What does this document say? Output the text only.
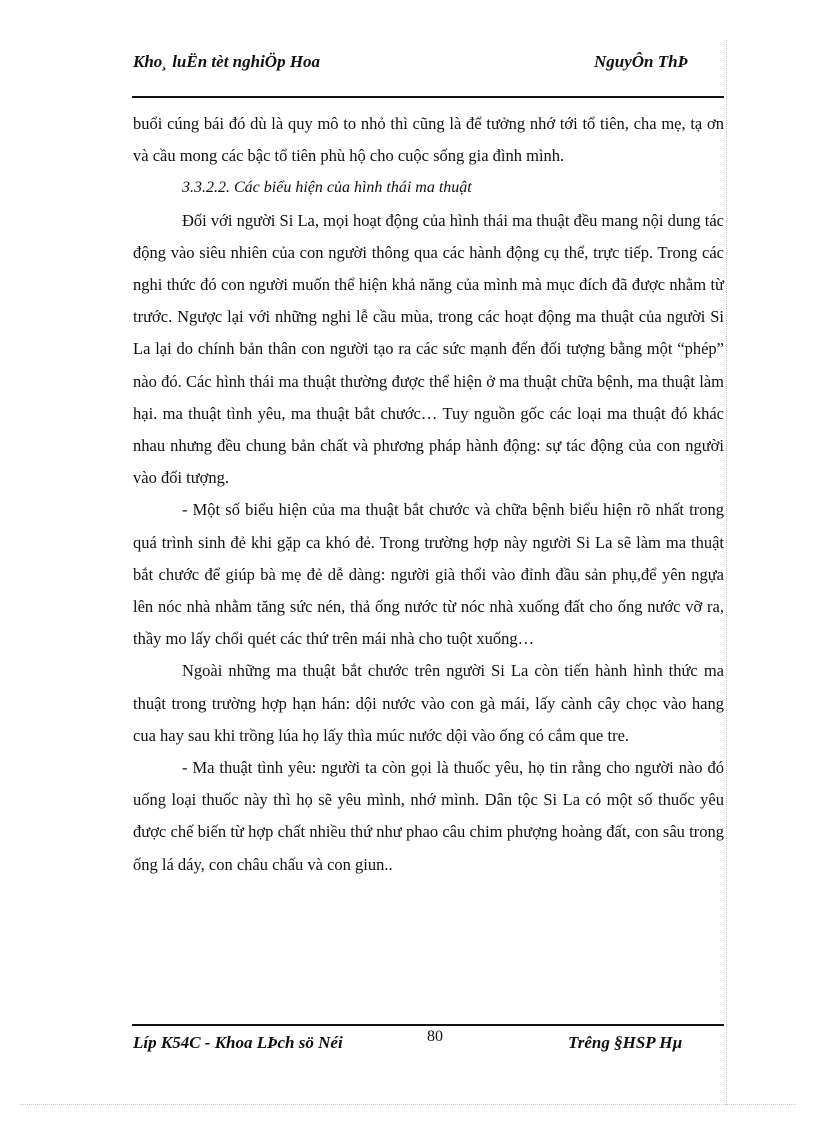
Kho¸ luËn tèt nghiÖp Hoa	NguyÔn ThÞ

buổi cúng bái đó dù là quy mô to nhỏ thì cũng là để tưởng nhớ tới tổ tiên, cha mẹ, tạ ơn và cầu mong các bậc tổ tiên phù hộ cho cuộc sống gia đình mình.

3.3.2.2. Các biểu hiện của hình thái ma thuật

Đối với người Si La, mọi hoạt động của hình thái ma thuật đều mang nội dung tác động vào siêu nhiên của con người thông qua các hành động cụ thể, trực tiếp. Trong các nghi thức đó con người muốn thể hiện khả năng của mình mà mục đích đã được nhằm từ trước. Ngược lại với những nghi lễ cầu mùa, trong các hoạt động ma thuật của người Si La lại do chính bản thân con người tạo ra các sức mạnh đến đối tượng bằng một “phép” nào đó. Các hình thái ma thuật thường được thể hiện ở ma thuật chữa bệnh, ma thuật làm hại. ma thuật tình yêu, ma thuật bắt chước… Tuy nguồn gốc các loại ma thuật đó khác nhau nhưng đều chung bản chất và phương pháp hành động: sự tác động của con người vào đối tượng.

- Một số biểu hiện của ma thuật bắt chước và chữa bệnh biểu hiện rõ nhất trong quá trình sinh đẻ khi gặp ca khó đẻ. Trong trường hợp này người Si La sẽ làm ma thuật bắt chước để giúp bà mẹ đẻ dễ dàng: người già thổi vào đỉnh đầu sản phụ,để yên ngựa lên nóc nhà nhằm tăng sức nén, thả ống nước từ nóc nhà xuống đất cho ống nước vỡ ra, thầy mo lấy chổi quét các thứ trên mái nhà cho tuột xuống…

Ngoài những ma thuật bắt chước trên người Si La còn tiến hành hình thức ma thuật trong trường hợp hạn hán: dội nước vào con gà mái, lấy cành cây chọc vào hang cua hay sau khi trồng lúa họ lấy thìa múc nước dội vào ống có cắm que tre.

- Ma thuật tình yêu: người ta còn gọi là thuốc yêu, họ tin rằng cho người nào đó uống loại thuốc này thì họ sẽ yêu mình, nhớ mình. Dân tộc Si La có một số thuốc yêu được chế biến từ hợp chất nhiều thứ như phao câu chim phượng hoàng đất, con sâu trong ống lá dáy, con châu chấu và con giun..

Líp K54C - Khoa LÞch sö Néi	80	Trêng §HSP Hµ
